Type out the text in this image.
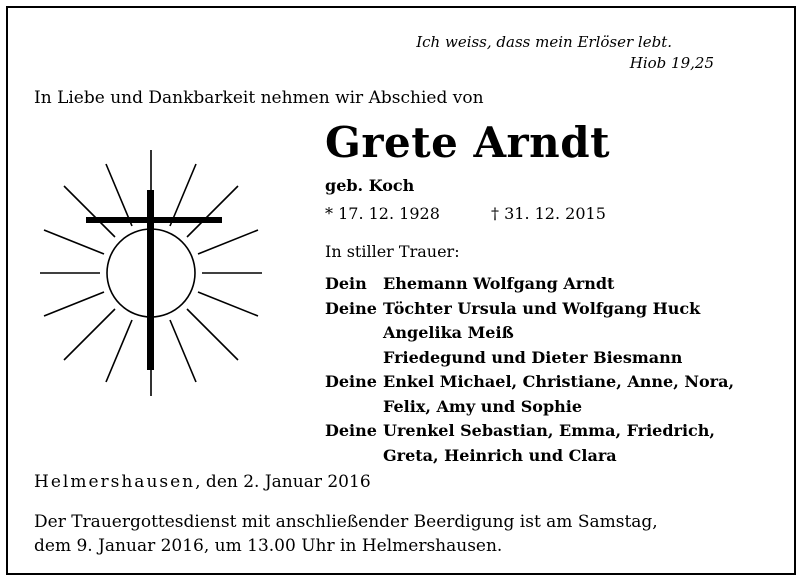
Ich weiss, dass mein Erlöser lebt.
Hiob 19,25
In Liebe und Dankbarkeit nehmen wir Abschied von
Grete Arndt
geb. Koch
* 17. 12. 1928	† 31. 12. 2015
In stiller Trauer:
Dein	Ehemann Wolfgang Arndt
Deine Töchter Ursula und Wolfgang Huck
Angelika Meiß
Friedegund und Dieter Biesmann
Deine Enkel Michael, Christiane, Anne, Nora,
Felix, Amy und Sophie
Deine Urenkel Sebastian, Emma, Friedrich,
Greta, Heinrich und Clara
Helmershausen, den 2. Januar 2016
Der Trauergottesdienst mit anschließender Beerdigung ist am Samstag,
dem 9. Januar 2016, um 13.00 Uhr in Helmershausen.
